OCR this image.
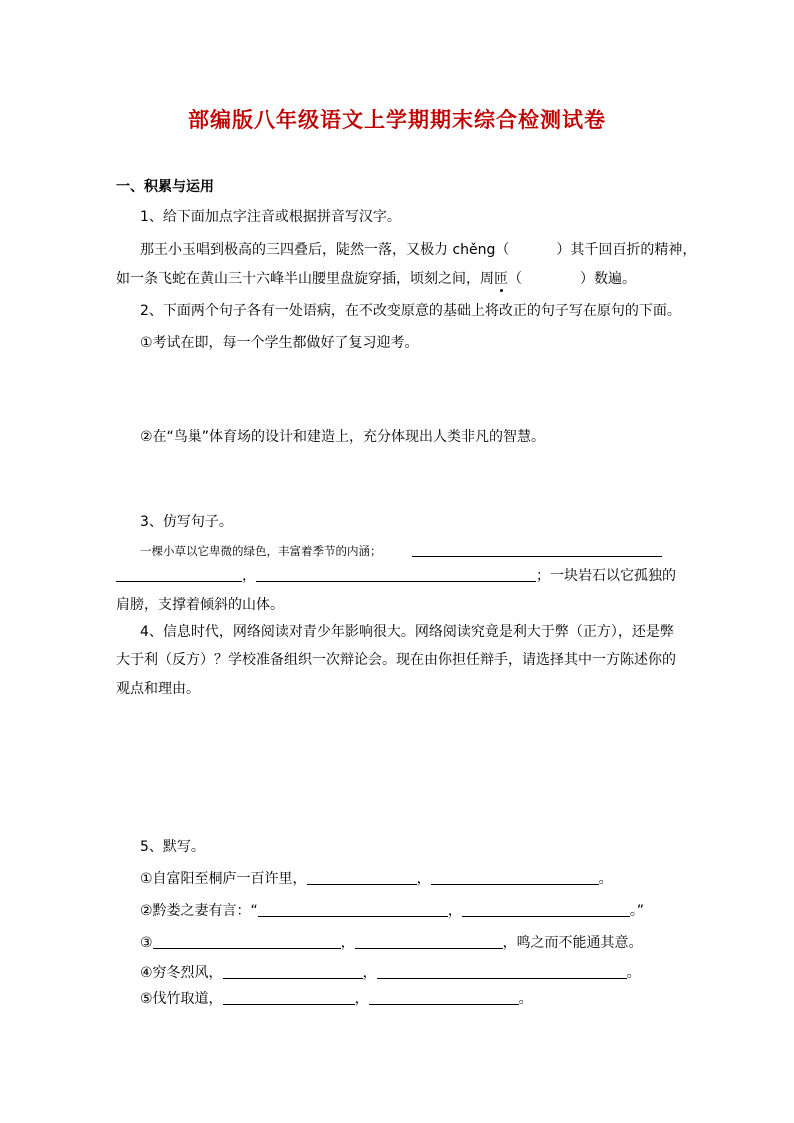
部编版八年级语文上学期期末综合检测试卷
一、积累与运用
1、给下面加点字注音或根据拼音写汉字。
那王小玉唱到极高的三四叠后，陡然一落，又极力 chěng（	）其千回百折的精神，
如一条飞蛇在黄山三十六峰半山腰里盘旋穿插，顷刻之间，周匝（	）数遍。
2、下面两个句子各有一处语病，在不改变原意的基础上将改正的句子写在原句的下面。
①考试在即，每一个学生都做好了复习迎考。
②在“鸟巢”体育场的设计和建造上，充分体现出人类非凡的智慧。
3、仿写句子。
一棵小草以它卑微的绿色，丰富着季节的内涵；
，	；一块岩石以它孤独的
肩膀，支撑着倾斜的山体。
4、信息时代，网络阅读对青少年影响很大。网络阅读究竟是利大于弊（正方），还是弊
大于利（反方）？学校准备组织一次辩论会。现在由你担任辩手，请选择其中一方陈述你的
观点和理由。
5、默写。
①自富阳至桐庐一百许里，	，	。
②黔娄之妻有言：“	，	。”
③	，	，鸣之而不能通其意。
④穷冬烈风，	，	。
⑤伐竹取道，	，	。
